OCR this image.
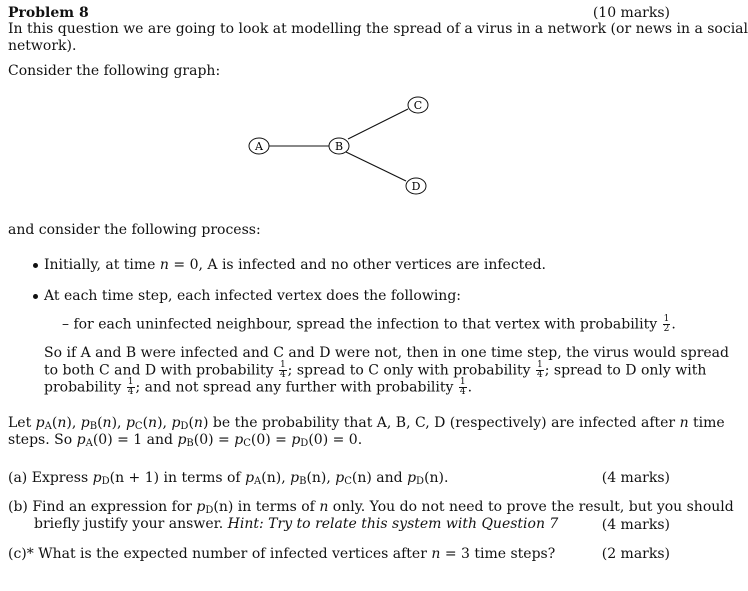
Problem 8	(10 marks)
In this question we are going to look at modelling the spread of a virus in a network (or news in a social
network).
Consider the following graph:
A	B
C
D
and consider the following process:
Initially, at time n = 0, A is infected and no other vertices are infected.
At each time step, each infected vertex does the following:
– for each uninfected neighbour, spread the infection to that vertex with probability $\frac{1}{2}$ .
So if A and B were infected and C and D were not, then in one time step, the virus would spread
to both C and D with probability $\frac{1}{4}$ ; spread to C only with probability $\frac{1}{4}$ ; spread to D only with
probability $\frac{1}{4}$ ; and not spread any further with probability $\frac{1}{4}$ .
Let $p_A(n)$, $p_B(n)$, $p_C(n)$, $p_D(n)$ be the probability that A, B, C, D (respectively) are infected after n time
steps. So $p_A(0) = 1$ and $p_B(0) = p_C(0) = p_D(0) = 0$.
(a) Express $p_D(n + 1)$ in terms of $p_A(n)$, $p_B(n)$, $p_C(n)$ and $p_D(n)$.	(4 marks)
(b) Find an expression for $p_D(n)$ in terms of n only. You do not need to prove the result, but you should
briefly justify your answer. Hint: Try to relate this system with Question 7	(4 marks)
(c)* What is the expected number of infected vertices after n = 3 time steps?	(2 marks)
